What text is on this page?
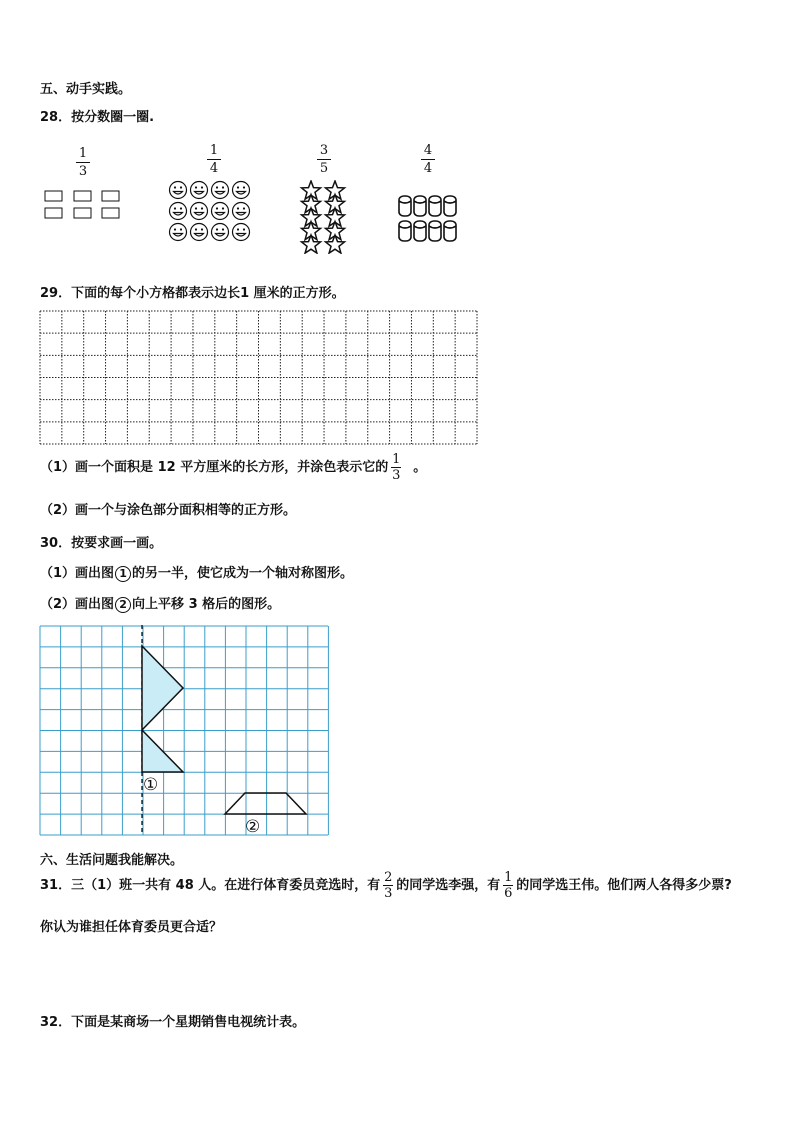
五、动手实践。
28．按分数圈一圈.
1
3
1
4
3
5
4
4
29．下面的每个小方格都表示边长1 厘米的正方形。
（1）画一个面积是 12 平方厘米的长方形，并涂色表示它的 $\frac{1}{3}$ 。
（2）画一个与涂色部分面积相等的正方形。
30．按要求画一画。
（1）画出图 1 的另一半，使它成为一个轴对称图形。
（2）画出图 2 向上平移 3 格后的图形。
①
②
六、生活问题我能解决。
31．三（1）班一共有 48 人。在进行体育委员竞选时，有 $\frac{2}{3}$ 的同学选李强，有 $\frac{1}{6}$ 的同学选王伟。他们两人各得多少票?
你认为谁担任体育委员更合适？
32．下面是某商场一个星期销售电视统计表。
